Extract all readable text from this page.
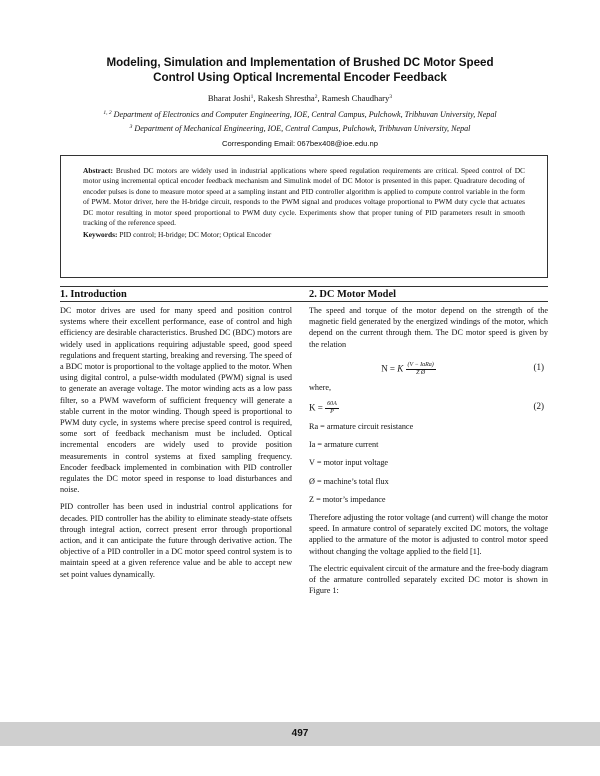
Modeling, Simulation and Implementation of Brushed DC Motor Speed
Control Using Optical Incremental Encoder Feedback
Bharat Joshi$^1$, Rakesh Shrestha$^2$, Ramesh Chaudhary$^3$
$^{1, 2}$ Department of Electronics and Computer Engineering, IOE, Central Campus, Pulchowk, Tribhuvan University, Nepal
$^3$ Department of Mechanical Engineering, IOE, Central Campus, Pulchowk, Tribhuvan University, Nepal
Corresponding Email: 067bex408@ioe.edu.np

Abstract: Brushed DC motors are widely used in industrial applications where speed regulation requirements are critical. Speed control of DC motor using incremental optical encoder feedback mechanism and Simulink model of DC Motor is presented in this paper. Quadrature decoding of encoder pulses is done to measure motor speed at a sampling instant and PID controller algorithm is applied to compute control variable in the form of PWM. Motor driver, here the H-bridge circuit, responds to the PWM signal and produces voltage proportional to PWM duty cycle that actuates DC motor resulting in motor speed proportional to PWM duty cycle. Experiments show that proper tuning of PID parameters result in smooth tracking of the reference speed.

Keywords: PID control; H-bridge; DC Motor; Optical Encoder

1. Introduction	2. DC Motor Model

DC motor drives are used for many speed and position control systems where their excellent performance, ease of control and high efficiency are desirable characteristics. Brushed DC (BDC) motors are widely used in applications requiring adjustable speed, good speed regulations and frequent starting, breaking and reversing. The speed of a BDC motor is proportional to the voltage applied to the motor. When using digital control, a pulse-width modulated (PWM) signal is used to generate an average voltage. The motor winding acts as a low pass filter, so a PWM waveform of sufficient frequency will generate a stable current in the motor winding. Though speed is proportional to PWM duty cycle, in systems where precise speed control is required, some sort of feedback mechanism must be included. Optical incremental encoders are widely used to provide position measurements in control systems at fixed sampling frequency. Encoder feedback implemented in combination with PID controller regulates the DC motor speed in response to load disturbances and noise.

PID controller has been used in industrial control applications for decades. PID controller has the ability to eliminate steady-state offsets through integral action, correct present error through proportional action, and it can anticipate the future through derivative action. The objective of a PID controller in a DC motor speed control system is to maintain speed at a given reference value and be able to accept new set point values dynamically.

The speed and torque of the motor depend on the strength of the magnetic field generated by the energized windings of the motor, which depend on the current through them. The DC motor speed is given by the relation

N = K $\frac{\text{(V − IaRa)}}{\text{Z Ø}}$	(1)

where,

$K = \frac{60A}{P}$	(2)
Ra = armature circuit resistance
Ia = armature current
V = motor input voltage
Ø = machine’s total flux
Z = motor’s impedance

Therefore adjusting the rotor voltage (and current) will change the motor speed. In armature control of separately excited DC motors, the voltage applied to the armature of the motor is adjusted to control motor speed without changing the voltage applied to the field [1].

The electric equivalent circuit of the armature and the free-body diagram of the armature controlled separately excited DC motor is shown in Figure 1:

497
